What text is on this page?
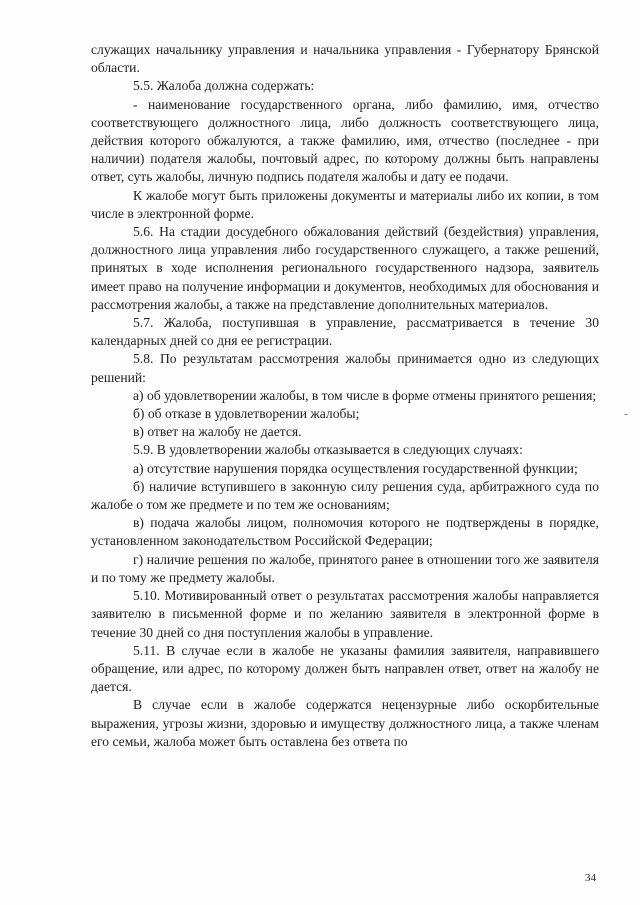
служащих начальнику управления и начальника управления - Губернатору Брянской области.

5.5. Жалоба должна содержать:

- наименование государственного органа, либо фамилию, имя, отчество соответствующего должностного лица, либо должность соответствующего лица, действия которого обжалуются, а также фамилию, имя, отчество (последнее - при наличии) подателя жалобы, почтовый адрес, по которому должны быть направлены ответ, суть жалобы, личную подпись подателя жалобы и дату ее подачи.

К жалобе могут быть приложены документы и материалы либо их копии, в том числе в электронной форме.

5.6. На стадии досудебного обжалования действий (бездействия) управления, должностного лица управления либо государственного служащего, а также решений, принятых в ходе исполнения регионального государственного надзора, заявитель имеет право на получение информации и документов, необходимых для обоснования и рассмотрения жалобы, а также на представление дополнительных материалов.

5.7. Жалоба, поступившая в управление, рассматривается в течение 30 календарных дней со дня ее регистрации.

5.8. По результатам рассмотрения жалобы принимается одно из следующих решений:

а) об удовлетворении жалобы, в том числе в форме отмены принятого решения;

б) об отказе в удовлетворении жалобы;

в) ответ на жалобу не дается.

5.9. В удовлетворении жалобы отказывается в следующих случаях:

а) отсутствие нарушения порядка осуществления государственной функции;

б) наличие вступившего в законную силу решения суда, арбитражного суда по жалобе о том же предмете и по тем же основаниям;

в) подача жалобы лицом, полномочия которого не подтверждены в порядке, установленном законодательством Российской Федерации;

г) наличие решения по жалобе, принятого ранее в отношении того же заявителя и по тому же предмету жалобы.

5.10. Мотивированный ответ о результатах рассмотрения жалобы направляется заявителю в письменной форме и по желанию заявителя в электронной форме в течение 30 дней со дня поступления жалобы в управление.

5.11. В случае если в жалобе не указаны фамилия заявителя, направившего обращение, или адрес, по которому должен быть направлен ответ, ответ на жалобу не дается.

В случае если в жалобе содержатся нецензурные либо оскорбительные выражения, угрозы жизни, здоровью и имуществу должностного лица, а также членам его семьи, жалоба может быть оставлена без ответа по

-
34
